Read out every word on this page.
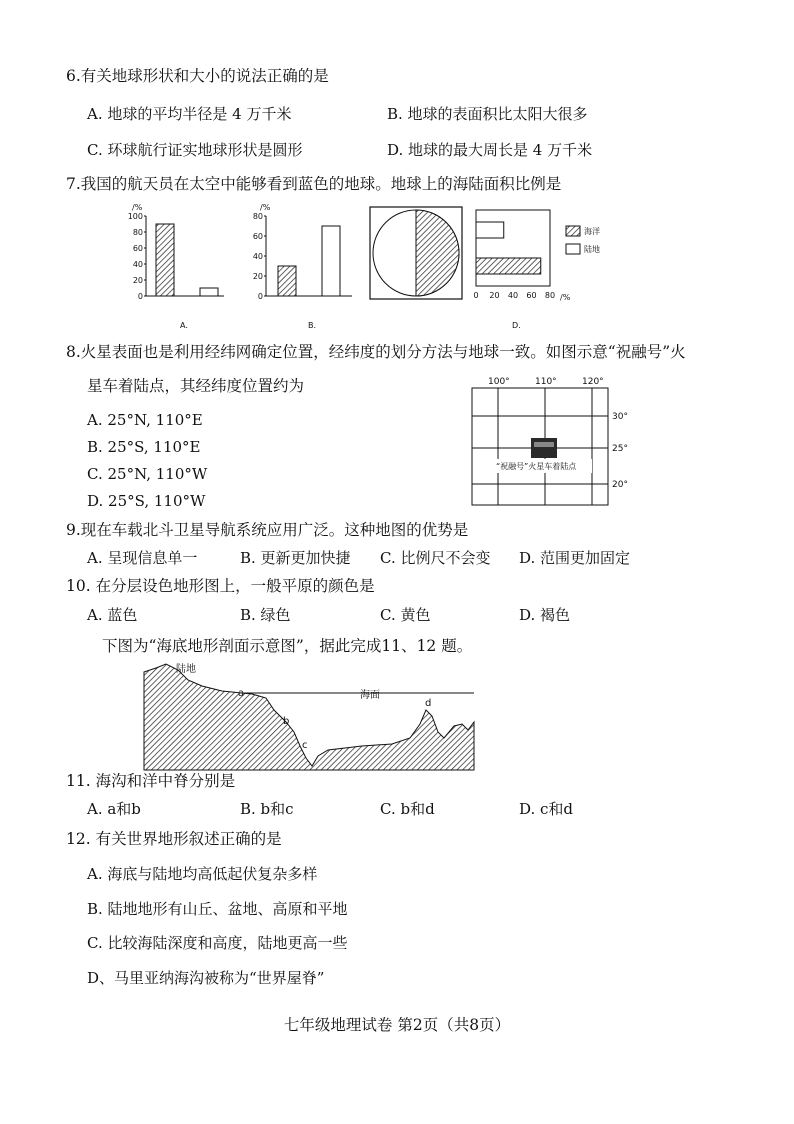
6.有关地球形状和大小的说法正确的是
A. 地球的平均半径是 4 万千米	B. 地球的表面积比太阳大很多
C. 环球航行证实地球形状是圆形	D. 地球的最大周长是 4 万千米
7.我国的航天员在太空中能够看到蓝色的地球。地球上的海陆面积比例是
/%
0
20
40
60
80
100
A.
/%
0
20
40
60
80
B.
0 20 40 60 80
海洋
陆地
/%
D.
8.火星表面也是利用经纬网确定位置，经纬度的划分方法与地球一致。如图示意“祝融号”火
星车着陆点，其经纬度位置约为
A. 25°N, 110°E
B. 25°S, 110°E
C. 25°N, 110°W
D. 25°S, 110°W
100°	110°	120°
30°
25°
20°
“祝融号”火星车着陆点
9.现在车载北斗卫星导航系统应用广泛。这种地图的优势是
A. 呈现信息单一	B. 更新更加快捷 C. 比例尺不会变 D. 范围更加固定
10. 在分层设色地形图上，一般平原的颜色是
A. 蓝色	B. 绿色	C. 黄色	D. 褐色
下图为“海底地形剖面示意图”，据此完成11、12 题。
陆地
海面
a
b
c
d
11. 海沟和洋中脊分别是
A. a和b	B. b和c	C. b和d	D. c和d
12. 有关世界地形叙述正确的是
A. 海底与陆地均高低起伏复杂多样
B. 陆地地形有山丘、盆地、高原和平地
C. 比较海陆深度和高度，陆地更高一些
D、马里亚纳海沟被称为“世界屋脊”
七年级地理试卷 第2页（共8页）
